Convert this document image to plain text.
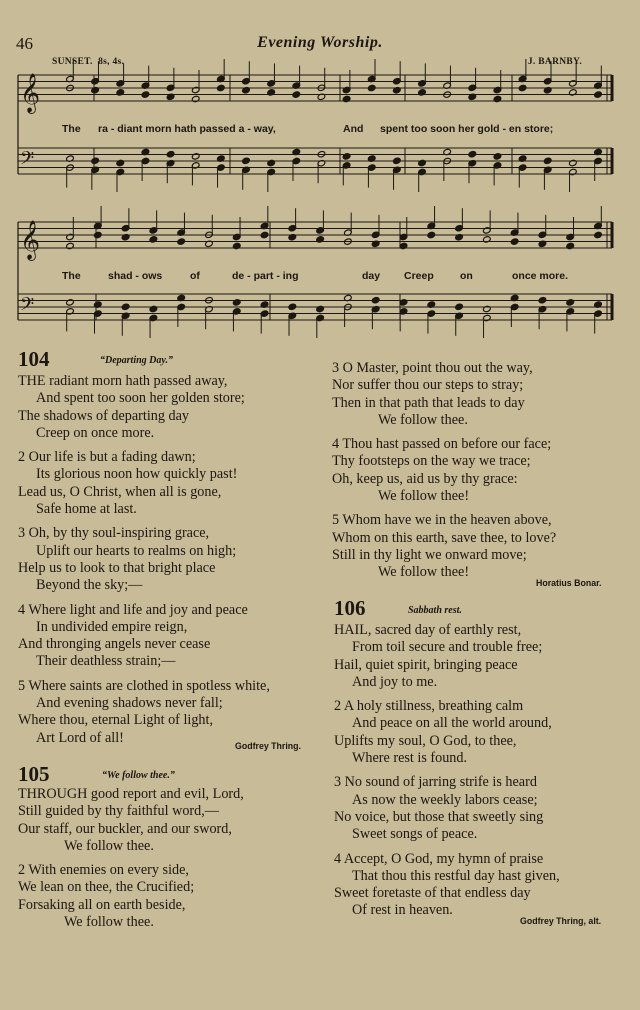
46	Evening Worship.
SUNSET. 8s, 4s.	J. BARNBY.
𝄞
𝄢
𝄞
𝄢
The ra - diant morn hath passed a - way,	And spent too soon her gold - en store;
The	shad - ows	of	de - part - ing	day Creep on	once more.
104	“Departing Day.”
THE radiant morn hath passed away,
And spent too soon her golden store;
The shadows of departing day
Creep on once more.
2 Our life is but a fading dawn;
Its glorious noon how quickly past!
Lead us, O Christ, when all is gone,
Safe home at last.
3 Oh, by thy soul-inspiring grace,
Uplift our hearts to realms on high;
Help us to look to that bright place
Beyond the sky;—
4 Where light and life and joy and peace
In undivided empire reign,
And thronging angels never cease
Their deathless strain;—
5 Where saints are clothed in spotless white,
And evening shadows never fall;
Where thou, eternal Light of light,
Art Lord of all!
Godfrey Thring.
105	“We follow thee.”
THROUGH good report and evil, Lord,
Still guided by thy faithful word,—
Our staff, our buckler, and our sword,
We follow thee.
2 With enemies on every side,
We lean on thee, the Crucified;
Forsaking all on earth beside,
We follow thee.
3 O Master, point thou out the way,
Nor suffer thou our steps to stray;
Then in that path that leads to day
We follow thee.
4 Thou hast passed on before our face;
Thy footsteps on the way we trace;
Oh, keep us, aid us by thy grace:
We follow thee!
5 Whom have we in the heaven above,
Whom on this earth, save thee, to love?
Still in thy light we onward move;
We follow thee!
Horatius Bonar.
106	Sabbath rest.
HAIL, sacred day of earthly rest,
From toil secure and trouble free;
Hail, quiet spirit, bringing peace
And joy to me.
2 A holy stillness, breathing calm
And peace on all the world around,
Uplifts my soul, O God, to thee,
Where rest is found.
3 No sound of jarring strife is heard
As now the weekly labors cease;
No voice, but those that sweetly sing
Sweet songs of peace.
4 Accept, O God, my hymn of praise
That thou this restful day hast given,
Sweet foretaste of that endless day
Of rest in heaven.
Godfrey Thring, alt.
